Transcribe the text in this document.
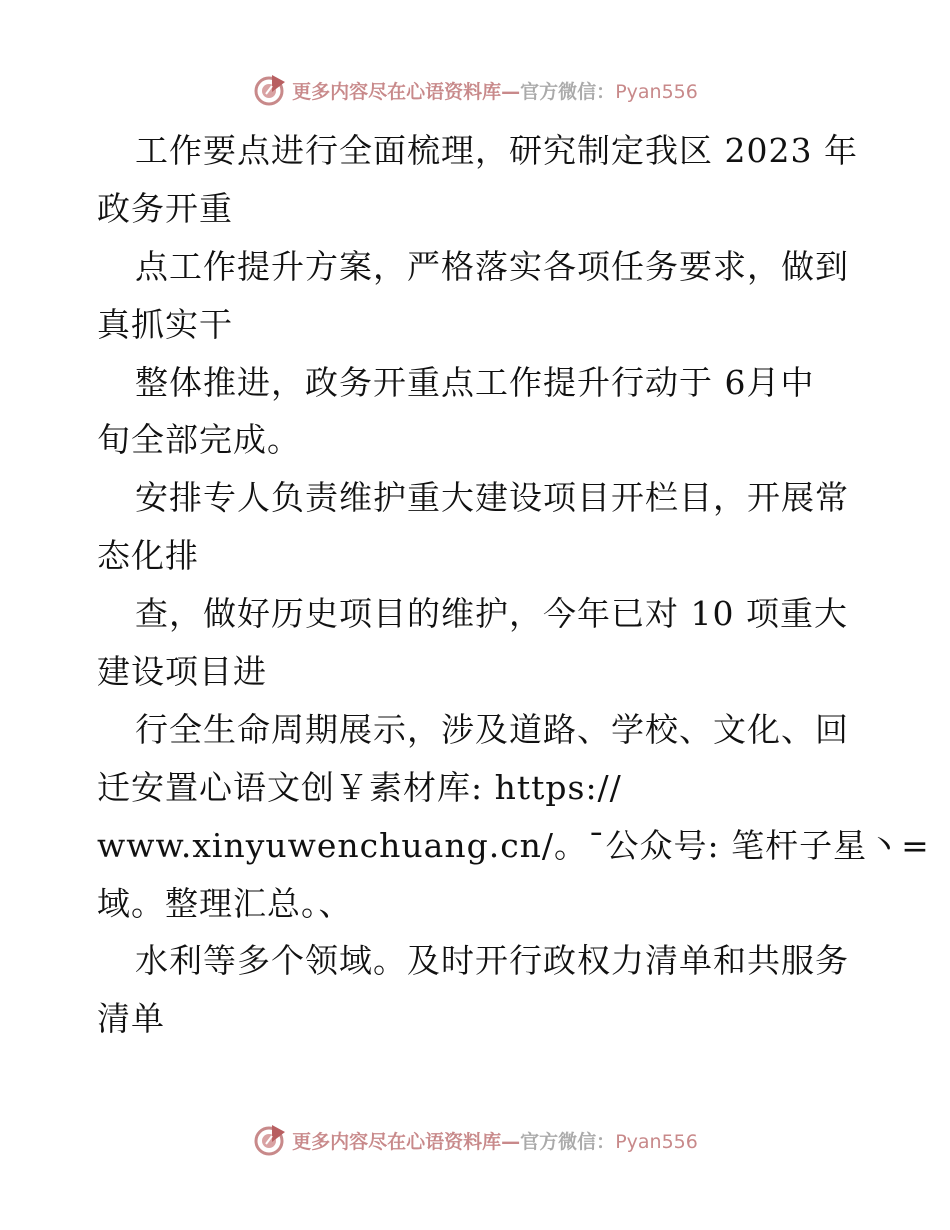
更多内容尽在心语资料库—官方微信：Pyan556
工作要点进行全面梳理，研究制定我区 2023 年
政务开重
点工作提升方案，严格落实各项任务要求，做到
真抓实干
整体推进，政务开重点工作提升行动于 6月中
旬全部完成。
安排专人负责维护重大建设项目开栏目，开展常
态化排
查，做好历史项目的维护，今年已对 10 项重大
建设项目进
行全生命周期展示，涉及道路、学校、文化、回
迁安置心语文创￥素材库: https://
www.xinyuwenchuang.cn/。¯公众号: 笔杆子星丶=
域。整理汇总。、
水利等多个领域。及时开行政权力清单和共服务
清单
更多内容尽在心语资料库—官方微信：Pyan556
